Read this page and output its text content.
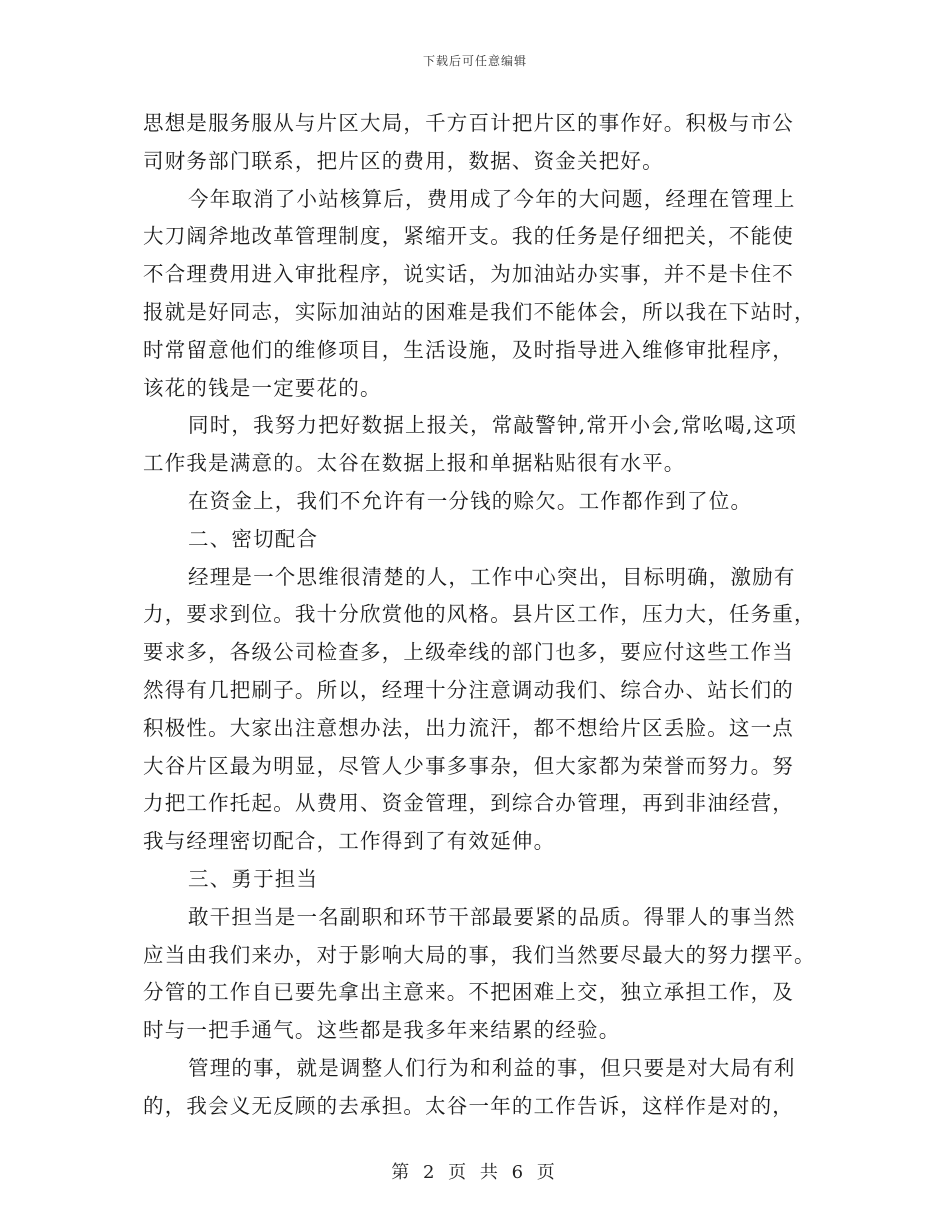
下载后可任意编辑
思想是服务服从与片区大局，千方百计把片区的事作好。积极与市公
司财务部门联系，把片区的费用，数据、资金关把好。
今年取消了小站核算后，费用成了今年的大问题，经理在管理上
大刀阔斧地改革管理制度，紧缩开支。我的任务是仔细把关，不能使
不合理费用进入审批程序，说实话，为加油站办实事，并不是卡住不
报就是好同志，实际加油站的困难是我们不能体会，所以我在下站时，
时常留意他们的维修项目，生活设施，及时指导进入维修审批程序，
该花的钱是一定要花的。
同时，我努力把好数据上报关，常敲警钟,常开小会,常吆喝,这项
工作我是满意的。太谷在数据上报和单据粘贴很有水平。
在资金上，我们不允许有一分钱的赊欠。工作都作到了位。
二、密切配合
经理是一个思维很清楚的人，工作中心突出，目标明确，激励有
力，要求到位。我十分欣赏他的风格。县片区工作，压力大，任务重，
要求多，各级公司检查多，上级牵线的部门也多，要应付这些工作当
然得有几把刷子。所以，经理十分注意调动我们、综合办、站长们的
积极性。大家出注意想办法，出力流汗，都不想给片区丢脸。这一点
大谷片区最为明显，尽管人少事多事杂，但大家都为荣誉而努力。努
力把工作托起。从费用、资金管理，到综合办管理，再到非油经营，
我与经理密切配合，工作得到了有效延伸。
三、勇于担当
敢干担当是一名副职和环节干部最要紧的品质。得罪人的事当然
应当由我们来办，对于影响大局的事，我们当然要尽最大的努力摆平。
分管的工作自已要先拿出主意来。不把困难上交，独立承担工作，及
时与一把手通气。这些都是我多年来结累的经验。
管理的事，就是调整人们行为和利益的事，但只要是对大局有利
的，我会义无反顾的去承担。太谷一年的工作告诉，这样作是对的，
第 2 页 共 6 页
